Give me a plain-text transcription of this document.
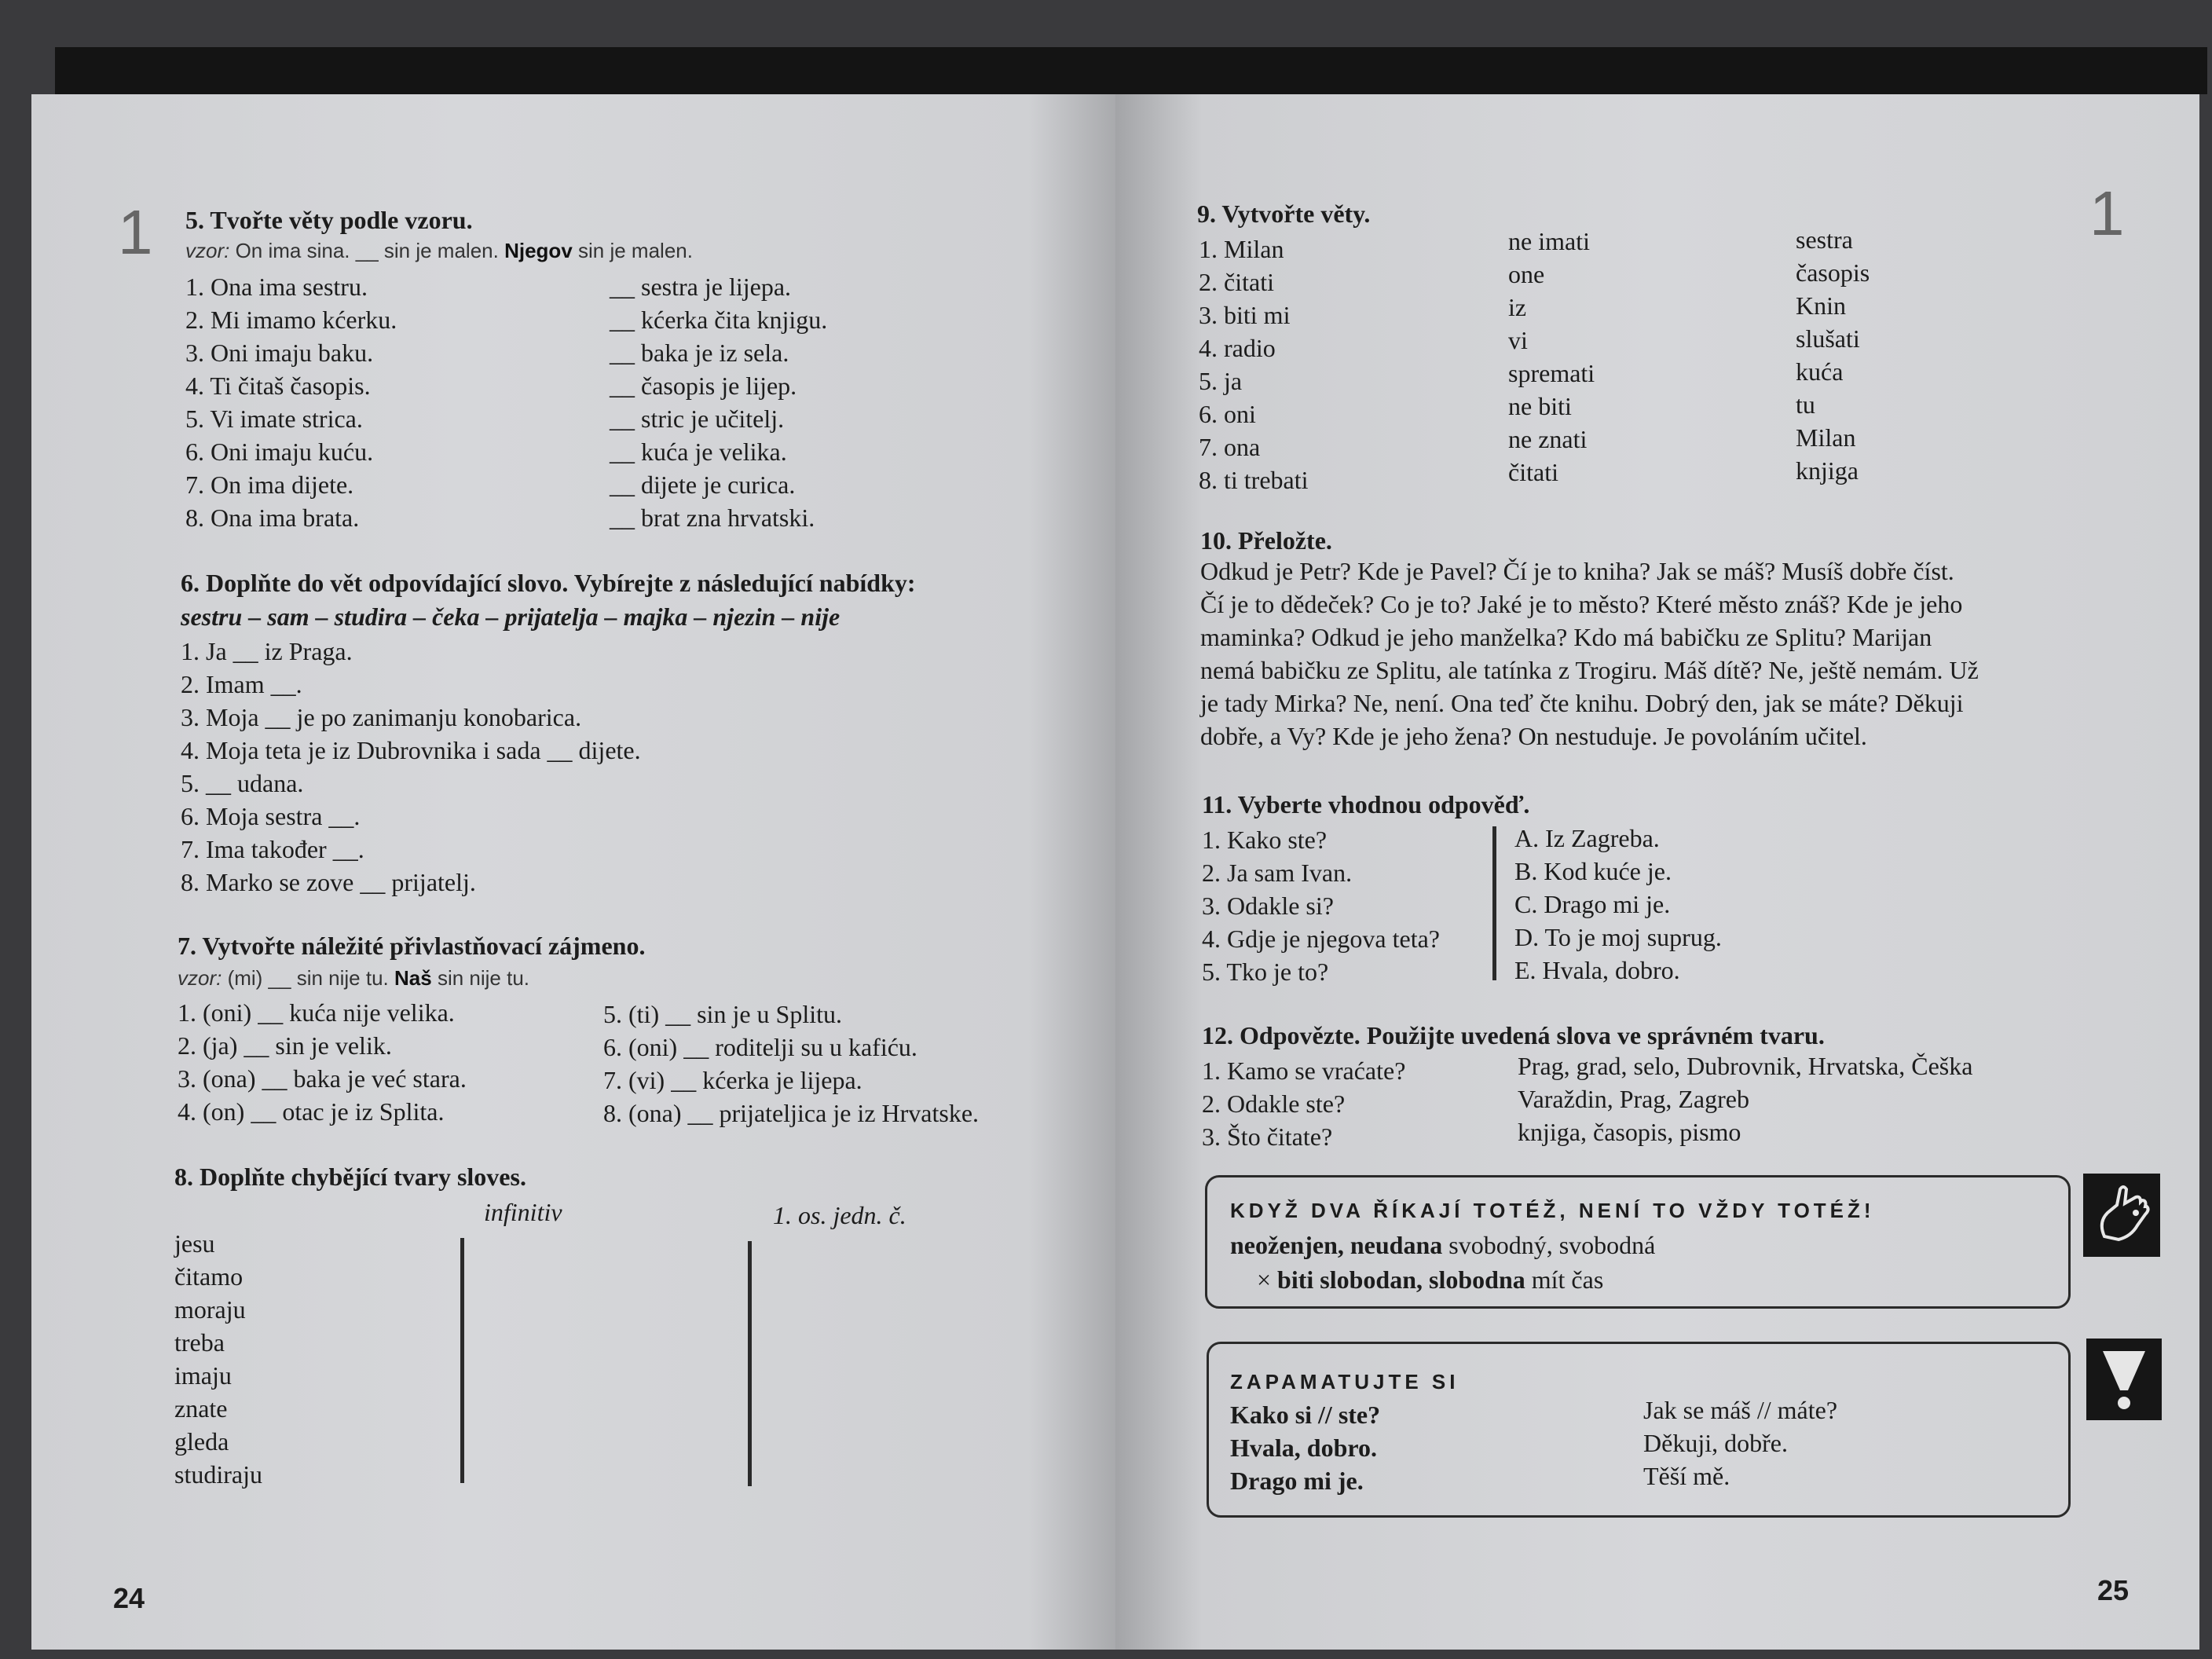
1 5. Tvořte věty podle vzoru.
vzor: On ima sina. __ sin je malen. Njegov sin je malen.
1. Ona ima sestru.
2. Mi imamo kćerku.
3. Oni imaju baku.
4. Ti čitaš časopis.
5. Vi imate strica.
6. Oni imaju kuću.
7. On ima dijete.
8. Ona ima brata.
__ sestra je lijepa.
__ kćerka čita knjigu.
__ baka je iz sela.
__ časopis je lijep.
__ stric je učitelj.
__ kuća je velika.
__ dijete je curica.
__ brat zna hrvatski.
6. Doplňte do vět odpovídající slovo. Vybírejte z následující nabídky:
sestru – sam – studira – čeka – prijatelja – majka – njezin – nije
1. Ja __ iz Praga.
2. Imam __.
3. Moja __ je po zanimanju konobarica.
4. Moja teta je iz Dubrovnika i sada __ dijete.
5. __ udana.
6. Moja sestra __.
7. Ima također __.
8. Marko se zove __ prijatelj.
7. Vytvořte náležité přivlastňovací zájmeno.
vzor: (mi) __ sin nije tu. Naš sin nije tu.
1. (oni) __ kuća nije velika.
2. (ja) __ sin je velik.
3. (ona) __ baka je već stara.
4. (on) __ otac je iz Splita.
5. (ti) __ sin je u Splitu.
6. (oni) __ roditelji su u kafiću.
7. (vi) __ kćerka je lijepa.
8. (ona) __ prijateljica je iz Hrvatske.
8. Doplňte chybějící tvary sloves.
infinitiv	1. os. jedn. č.
jesu
čitamo
moraju
treba
imaju
znate
gleda
studiraju
24
1
9. Vytvořte věty.
1. Milan
2. čitati
3. biti mi
4. radio
5. ja
6. oni
7. ona
8. ti trebati
ne imati
one
iz
vi
spremati
ne biti
ne znati
čitati
sestra
časopis
Knin
slušati
kuća
tu
Milan
knjiga
10. Přeložte.
Odkud je Petr? Kde je Pavel? Čí je to kniha? Jak se máš? Musíš dobře číst.
Čí je to dědeček? Co je to? Jaké je to město? Které město znáš? Kde je jeho
maminka? Odkud je jeho manželka? Kdo má babičku ze Splitu? Marijan
nemá babičku ze Splitu, ale tatínka z Trogiru. Máš dítě? Ne, ještě nemám. Už
je tady Mirka? Ne, není. Ona teď čte knihu. Dobrý den, jak se máte? Děkuji
dobře, a Vy? Kde je jeho žena? On nestuduje. Je povoláním učitel.
11. Vyberte vhodnou odpověď.
1. Kako ste?
2. Ja sam Ivan.
3. Odakle si?
4. Gdje je njegova teta?
5. Tko je to?
A. Iz Zagreba.
B. Kod kuće je.
C. Drago mi je.
D. To je moj suprug.
E. Hvala, dobro.
12. Odpovězte. Použijte uvedená slova ve správném tvaru.
1. Kamo se vraćate?
2. Odakle ste?
3. Što čitate?
Prag, grad, selo, Dubrovnik, Hrvatska, Češka
Varaždin, Prag, Zagreb
knjiga, časopis, pismo
KDYŽ DVA ŘÍKAJÍ TOTÉŽ, NENÍ TO VŽDY TOTÉŽ!
neoženjen, neudana svobodný, svobodná
× biti slobodan, slobodna mít čas
ZAPAMATUJTE SI
Kako si // ste?
Hvala, dobro.
Drago mi je.
Jak se máš // máte?
Děkuji, dobře.
Těší mě.
25
